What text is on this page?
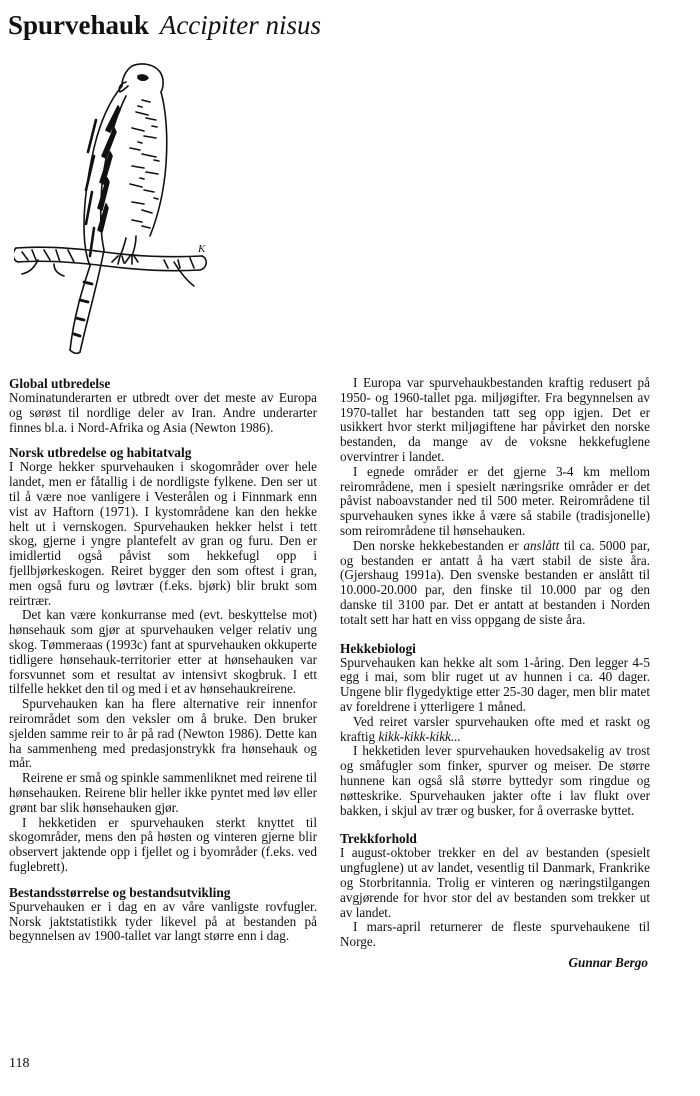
Spurvehauk Accipiter nisus
K
Global utbredelse

Nominatunderarten er utbredt over det meste av Europa og sørøst til nordlige deler av Iran. Andre underarter finnes bl.a. i Nord-Afrika og Asia (Newton 1986).

Norsk utbredelse og habitatvalg

I Norge hekker spurvehauken i skogområder over hele landet, men er fåtallig i de nordligste fylkene. Den ser ut til å være noe vanligere i Vesterålen og i Finnmark enn vist av Haftorn (1971). I kystområdene kan den hekke helt ut i vernskogen. Spurvehauken hekker helst i tett skog, gjerne i yngre plantefelt av gran og furu. Den er imidlertid også påvist som hekkefugl opp i fjellbjørkeskogen. Reiret bygger den som oftest i gran, men også furu og løvtrær (f.eks. bjørk) blir brukt som reirtrær.

Det kan være konkurranse med (evt. beskyttelse mot) hønsehauk som gjør at spurvehauken velger relativ ung skog. Tømmeraas (1993c) fant at spurvehauken okkuperte tidligere hønsehauk-territorier etter at hønsehauken var forsvunnet som et resultat av intensivt skogbruk. I ett tilfelle hekket den til og med i et av hønsehaukreirene.

Spurvehauken kan ha flere alternative reir innenfor reirområdet som den veksler om å bruke. Den bruker sjelden samme reir to år på rad (Newton 1986). Dette kan ha sammenheng med predasjonstrykk fra hønsehauk og mår.

Reirene er små og spinkle sammenliknet med reirene til hønsehauken. Reirene blir heller ikke pyntet med løv eller grønt bar slik hønsehauken gjør.

I hekketiden er spurvehauken sterkt knyttet til skogområder, mens den på høsten og vinteren gjerne blir observert jaktende opp i fjellet og i byområder (f.eks. ved fuglebrett).

Bestandsstørrelse og bestandsutvikling

Spurvehauken er i dag en av våre vanligste rovfugler. Norsk jaktstatistikk tyder likevel på at bestanden på begynnelsen av 1900-tallet var langt større enn i dag.

I Europa var spurvehaukbestanden kraftig redusert på 1950- og 1960-tallet pga. miljøgifter. Fra begynnelsen av 1970-tallet har bestanden tatt seg opp igjen. Det er usikkert hvor sterkt miljøgiftene har påvirket den norske bestanden, da mange av de voksne hekkefuglene overvintrer i landet.

I egnede områder er det gjerne 3-4 km mellom reirområdene, men i spesielt næringsrike områder er det påvist naboavstander ned til 500 meter. Reirområdene til spurvehauken synes ikke å være så stabile (tradisjonelle) som reirområdene til hønsehauken.

Den norske hekkebestanden er anslått til ca. 5000 par, og bestanden er antatt å ha vært stabil de siste åra. (Gjershaug 1991a). Den svenske bestanden er anslått til 10.000-20.000 par, den finske til 10.000 par og den danske til 3100 par. Det er antatt at bestanden i Norden totalt sett har hatt en viss oppgang de siste åra.

Hekkebiologi

Spurvehauken kan hekke alt som 1-åring. Den legger 4-5 egg i mai, som blir ruget ut av hunnen i ca. 40 dager. Ungene blir flygedyktige etter 25-30 dager, men blir matet av foreldrene i ytterligere 1 måned.

Ved reiret varsler spurvehauken ofte med et raskt og kraftig kikk-kikk-kikk...

I hekketiden lever spurvehauken hovedsakelig av trost og småfugler som finker, spurver og meiser. De større hunnene kan også slå større byttedyr som ringdue og nøtteskrike. Spurvehauken jakter ofte i lav flukt over bakken, i skjul av trær og busker, for å overraske byttet.

Trekkforhold

I august-oktober trekker en del av bestanden (spesielt ungfuglene) ut av landet, vesentlig til Danmark, Frankrike og Storbritannia. Trolig er vinteren og næringstilgangen avgjørende for hvor stor del av bestanden som trekker ut av landet.

I mars-april returnerer de fleste spurvehaukene til Norge.

Gunnar Bergo
118
